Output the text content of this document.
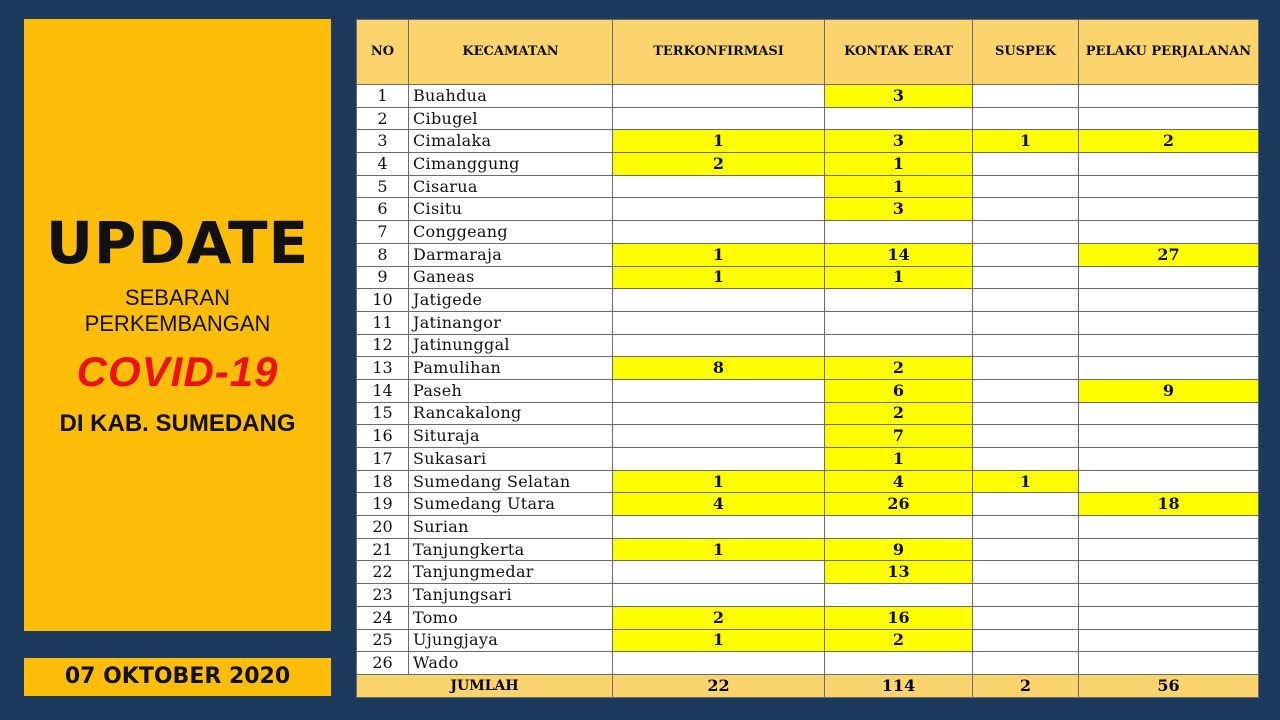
UPDATE
SEBARAN
PERKEMBANGAN
COVID-19
DI KAB. SUMEDANG
07 OKTOBER 2020
NO	KECAMATAN	TERKONFIRMASI	KONTAK ERAT	SUSPEK	PELAKU PERJALANAN
1	Buahdua		3		
2	Cibugel				
3	Cimalaka	1	3	1	2
4	Cimanggung	2	1		
5	Cisarua		1		
6	Cisitu		3		
7	Conggeang				
8	Darmaraja	1	14		27
9	Ganeas	1	1		
10	Jatigede				
11	Jatinangor				
12	Jatinunggal				
13	Pamulihan	8	2		
14	Paseh		6		9
15	Rancakalong		2		
16	Situraja		7		
17	Sukasari		1		
18	Sumedang Selatan	1	4	1	
19	Sumedang Utara	4	26		18
20	Surian				
21	Tanjungkerta	1	9		
22	Tanjungmedar		13		
23	Tanjungsari				
24	Tomo	2	16		
25	Ujungjaya	1	2		
26	Wado				
JUMLAH		22	114	2	56
